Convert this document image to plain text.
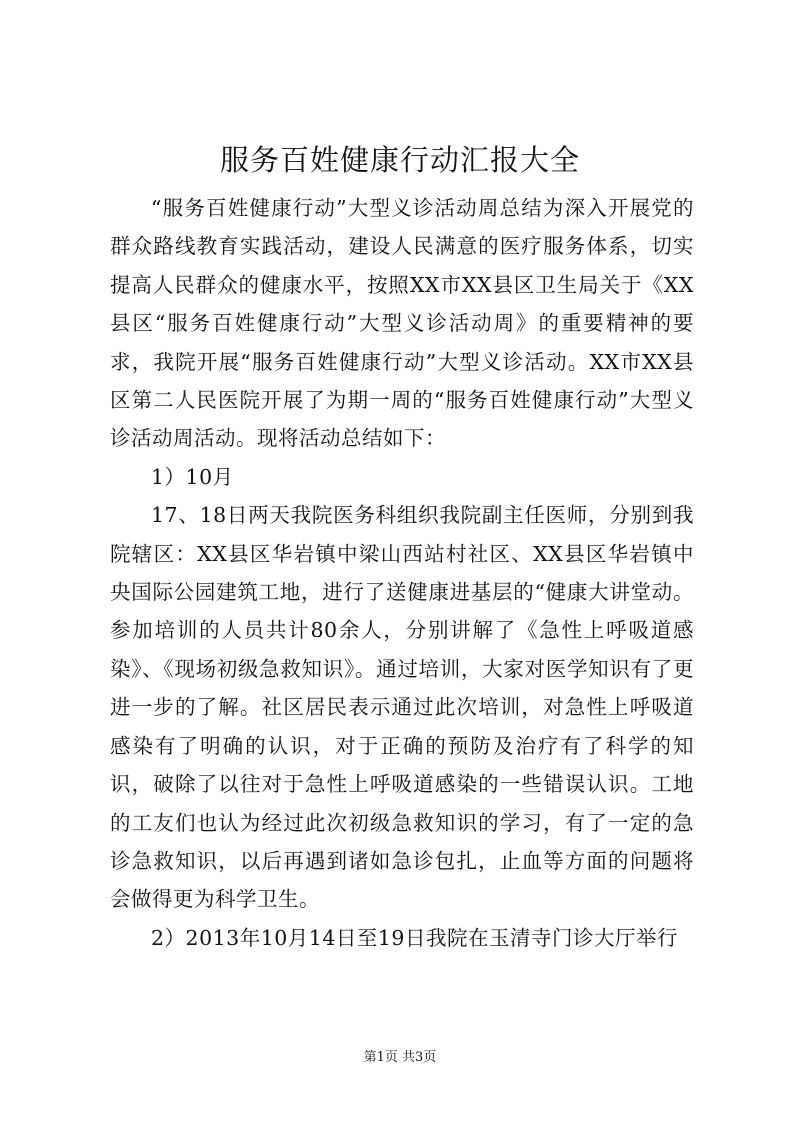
服务百姓健康行动汇报大全

“服务百姓健康行动”大型义诊活动周总结为深入开展党的群众路线教育实践活动，建设人民满意的医疗服务体系，切实提高人民群众的健康水平，按照XX市XX县区卫生局关于《XX县区“服务百姓健康行动”大型义诊活动周》的重要精神的要求，我院开展“服务百姓健康行动”大型义诊活动。XX市XX县区第二人民医院开展了为期一周的“服务百姓健康行动”大型义诊活动周活动。现将活动总结如下：

1）10月

17、18日两天我院医务科组织我院副主任医师，分别到我院辖区：XX县区华岩镇中梁山西站村社区、XX县区华岩镇中央国际公园建筑工地，进行了送健康进基层的“健康大讲堂动。参加培训的人员共计80余人，分别讲解了《急性上呼吸道感染》、《现场初级急救知识》。通过培训，大家对医学知识有了更进一步的了解。社区居民表示通过此次培训，对急性上呼吸道感染有了明确的认识，对于正确的预防及治疗有了科学的知识，破除了以往对于急性上呼吸道感染的一些错误认识。工地的工友们也认为经过此次初级急救知识的学习，有了一定的急诊急救知识，以后再遇到诸如急诊包扎，止血等方面的问题将会做得更为科学卫生。

2）2013年10月14日至19日我院在玉清寺门诊大厅举行

第1页 共3页
